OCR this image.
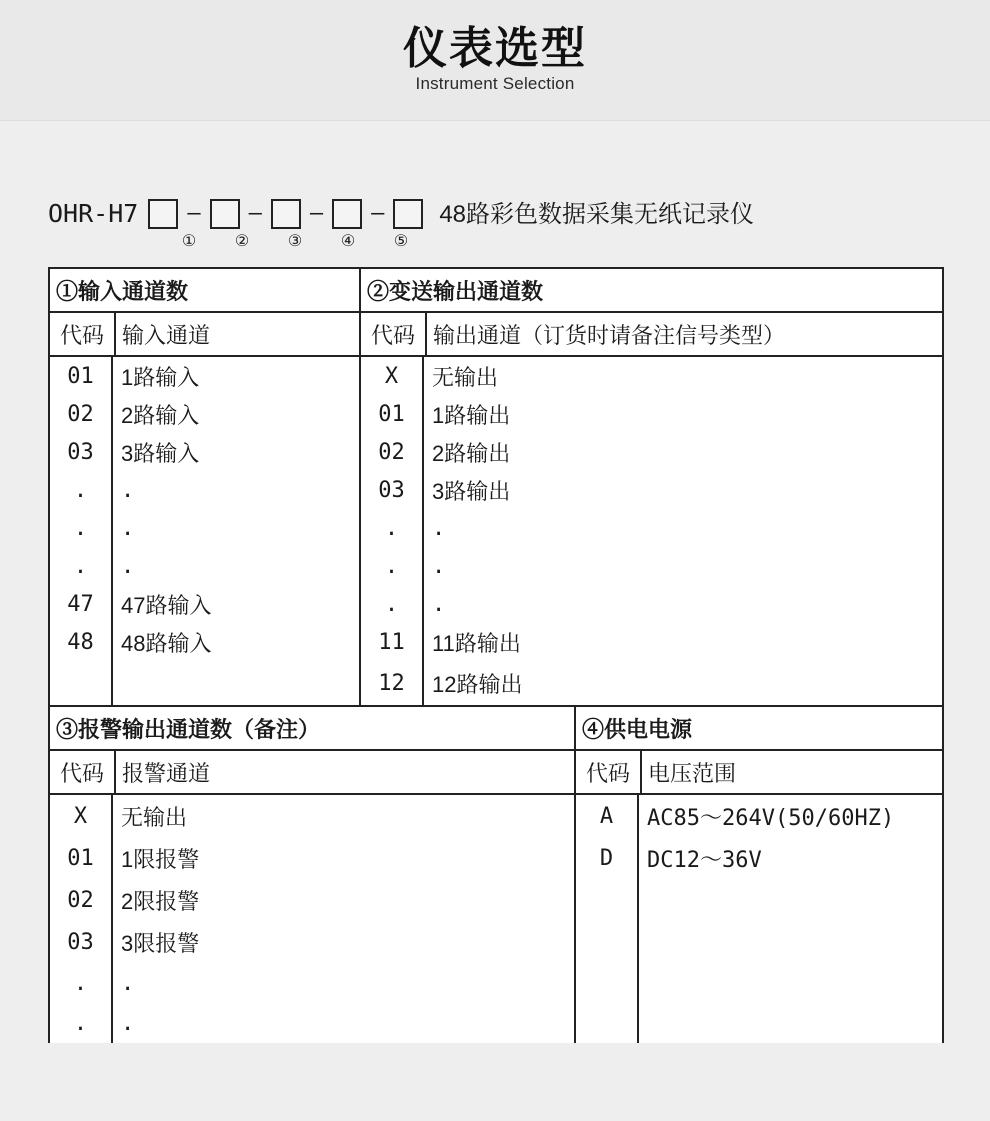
仪表选型
Instrument Selection
OHR-H7	–	–	–	–	48路彩色数据采集无纸记录仪
①	②	③	④	⑤
①输入通道数	②变送输出通道数
代码	输入通道	代码	输出通道（订货时请备注信号类型）

01	1路输入
02	2路输入
03	3路输入
.	.
.	.
.	.
47	47路输入
48	48路输入

X	无输出
01	1路输出
02	2路输出
03	3路输出
.	.
.	.
.	.
11	11路输出
12	12路输出
③报警输出通道数（备注）	④供电电源
代码	报警通道	代码	电压范围

X	无输出
01	1限报警
02	2限报警
03	3限报警
.	.
.	.

A	AC85～264V(50/60HZ)
D	DC12～36V
